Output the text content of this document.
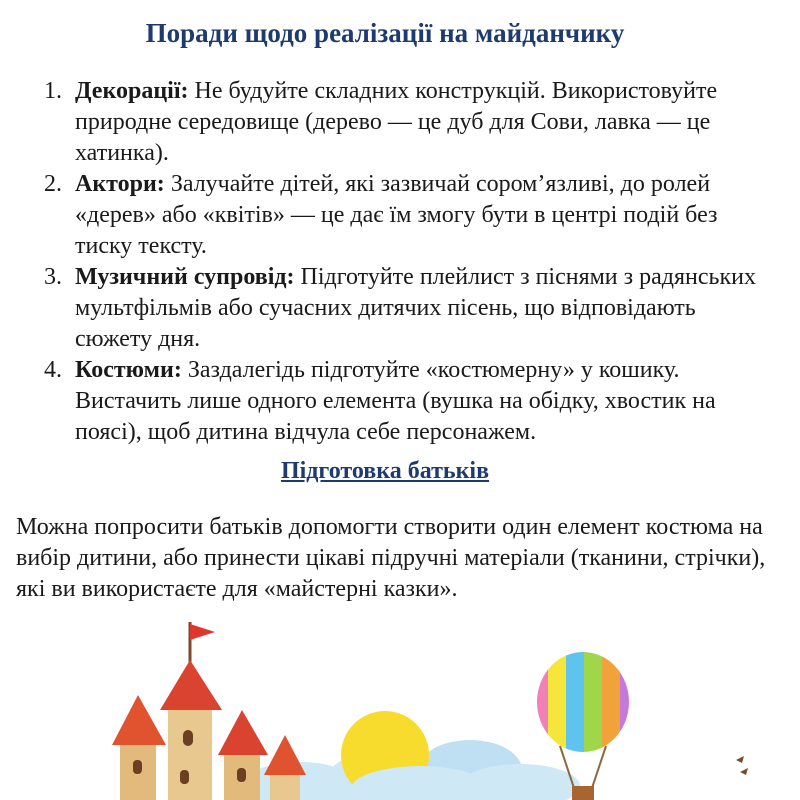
Поради щодо реалізації на майданчику
1. Декорації: Не будуйте складних конструкцій. Використовуйте природне середовище (дерево — це дуб для Сови, лавка — це хатинка).
2. Актори: Залучайте дітей, які зазвичай сором’язливі, до ролей «дерев» або «квітів» — це дає їм змогу бути в центрі подій без тиску тексту.
3. Музичний супровід: Підготуйте плейлист з піснями з радянських мультфільмів або сучасних дитячих пісень, що відповідають сюжету дня.
4. Костюми: Заздалегідь підготуйте «костюмерну» у кошику. Вистачить лише одного елемента (вушка на обідку, хвостик на поясі), щоб дитина відчула себе персонажем.
Підготовка батьків

Можна попросити батьків допомогти створити один елемент костюма на вибір дитини, або принести цікаві підручні матеріали (тканини, стрічки), які ви використаєте для «майстерні казки».
